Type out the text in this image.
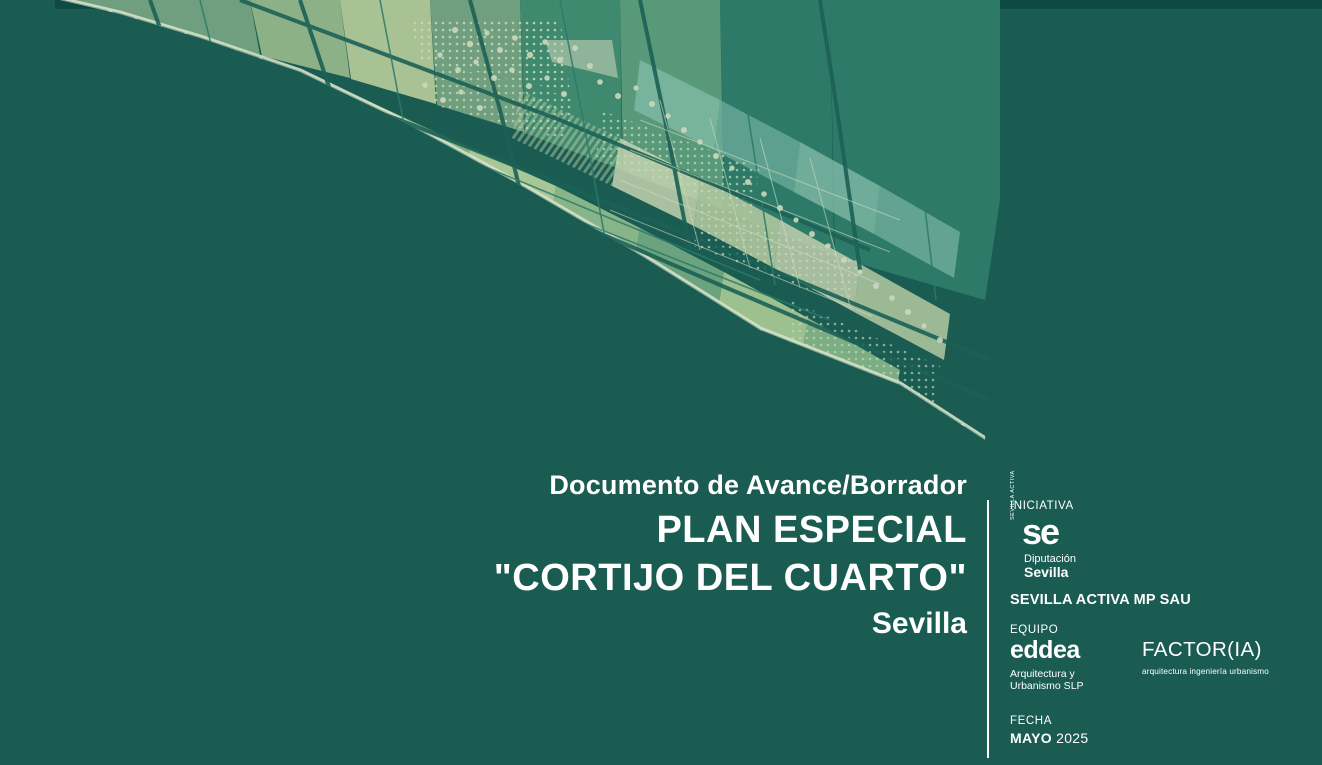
Documento de Avance/Borrador
PLAN ESPECIAL
"CORTIJO DEL CUARTO"
Sevilla
INICIATIVA
SEVILLA ACTIVA
se
Diputación
Sevilla
SEVILLA ACTIVA MP SAU
EQUIPO
eddea
Arquitectura y
Urbanismo SLP
FACTOR(IA)
arquitectura ingeniería urbanismo
FECHA
MAYO 2025
